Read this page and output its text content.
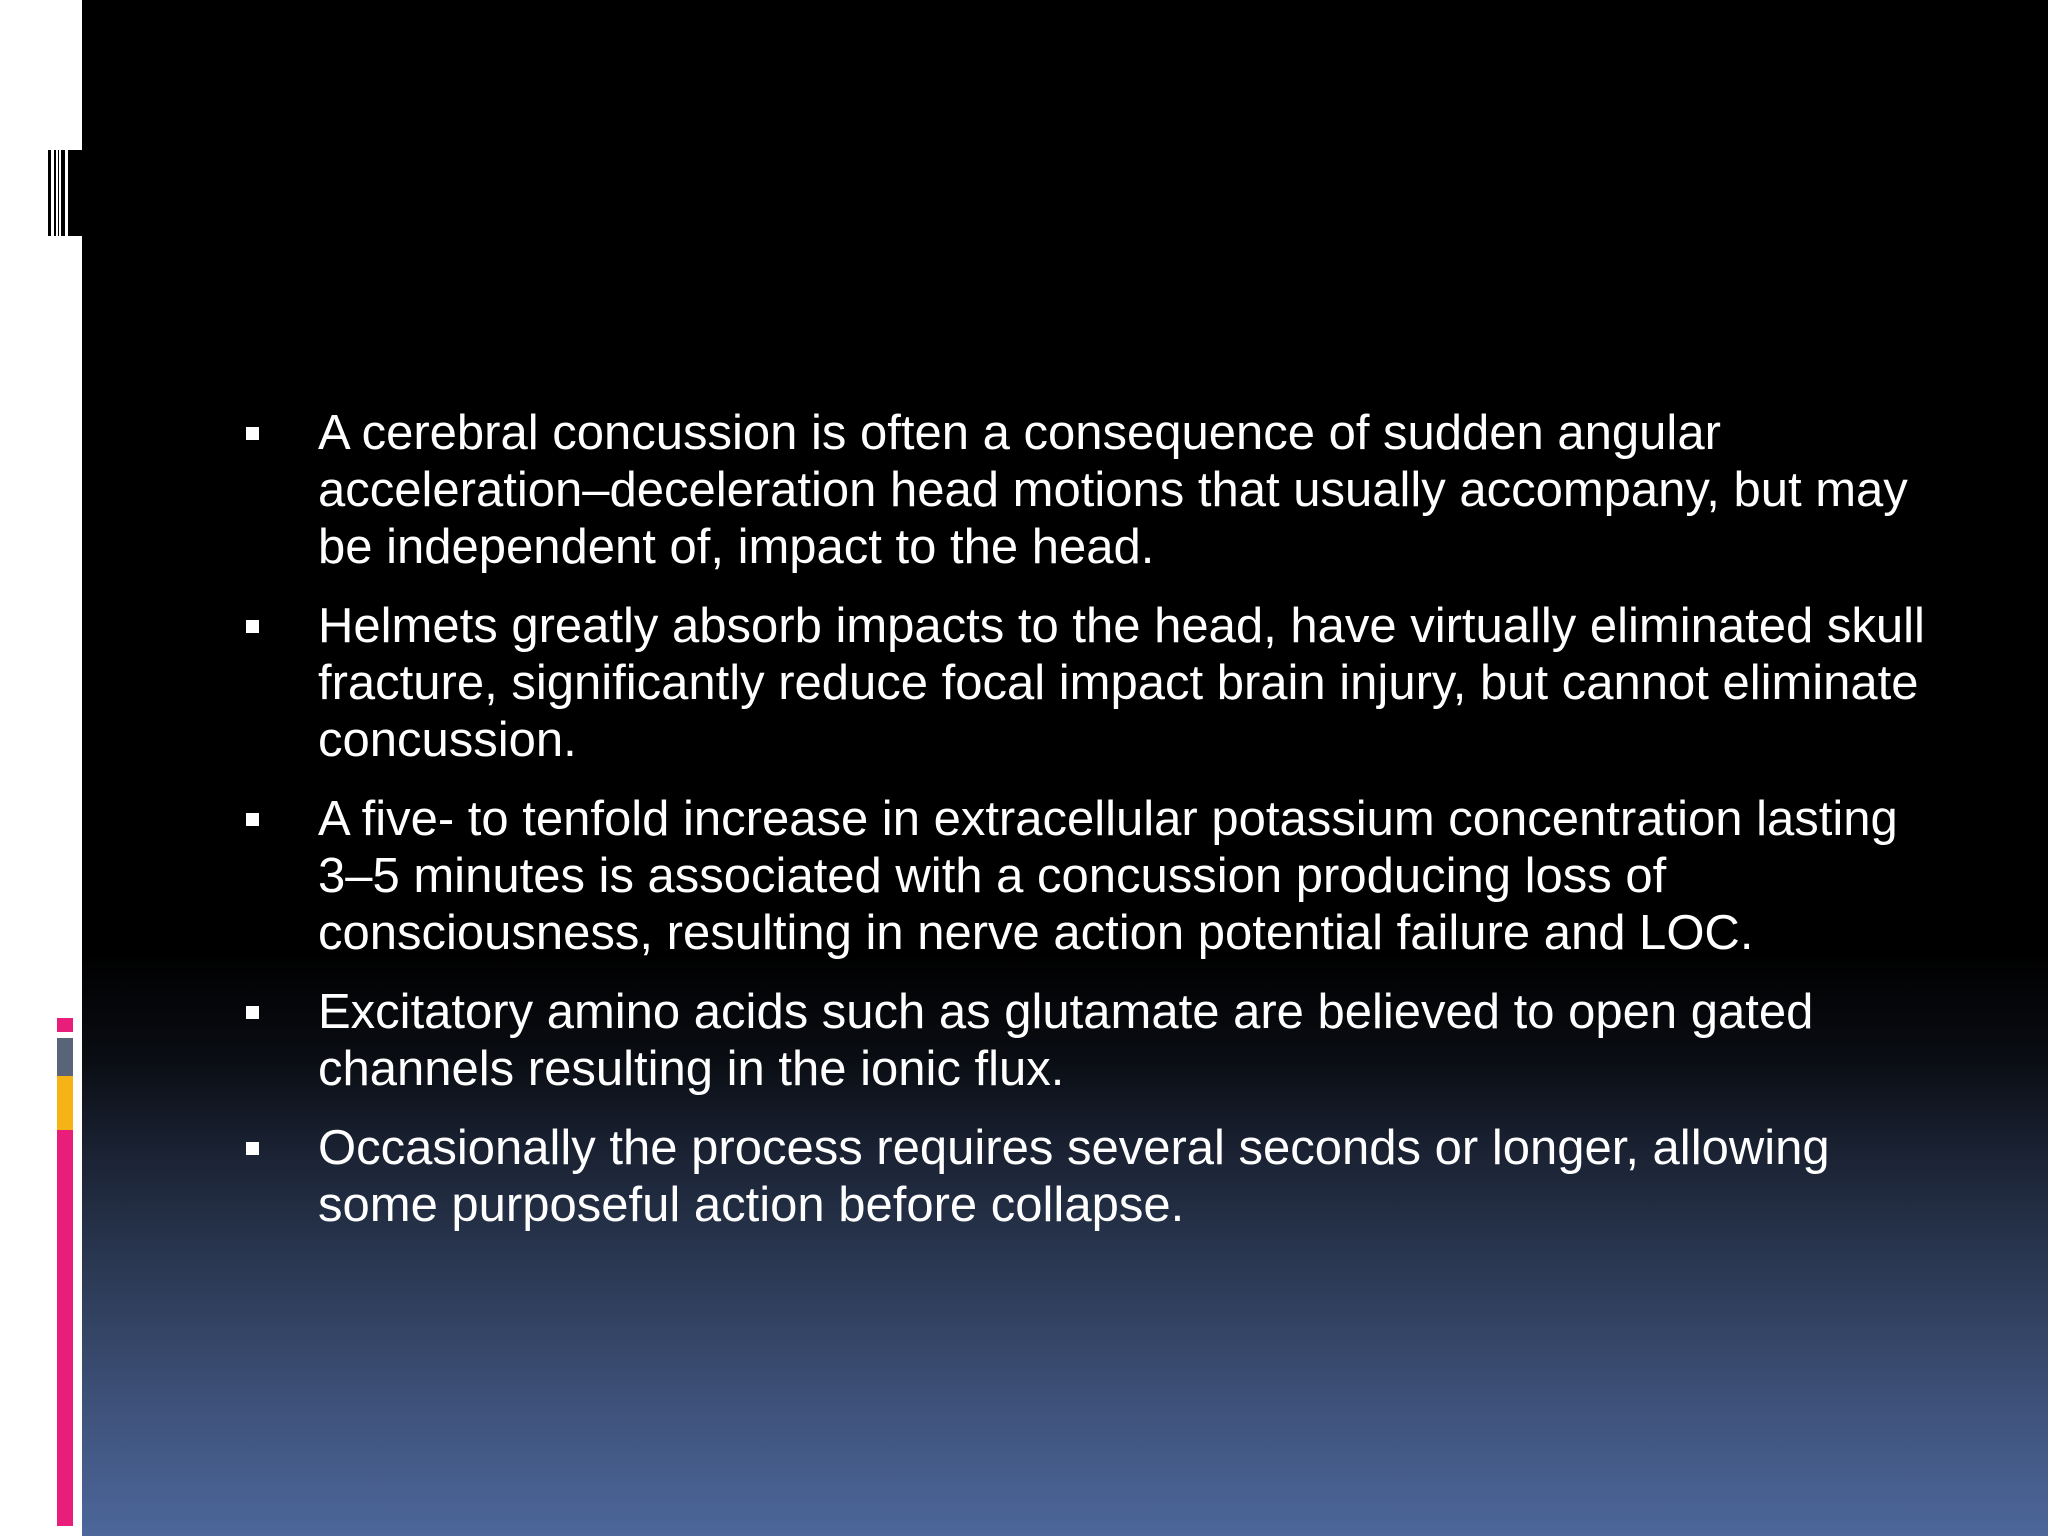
A cerebral concussion is often a consequence of sudden angular acceleration–deceleration head motions that usually accompany, but may be independent of, impact to the head.
Helmets greatly absorb impacts to the head, have virtually eliminated skull fracture, significantly reduce focal impact brain injury, but cannot eliminate concussion.
A five- to tenfold increase in extracellular potassium concentration lasting 3–5 minutes is associated with a concussion producing loss of consciousness, resulting in nerve action potential failure and LOC.
Excitatory amino acids such as glutamate are believed to open gated channels resulting in the ionic flux.
Occasionally the process requires several seconds or longer, allowing some purposeful action before collapse.
